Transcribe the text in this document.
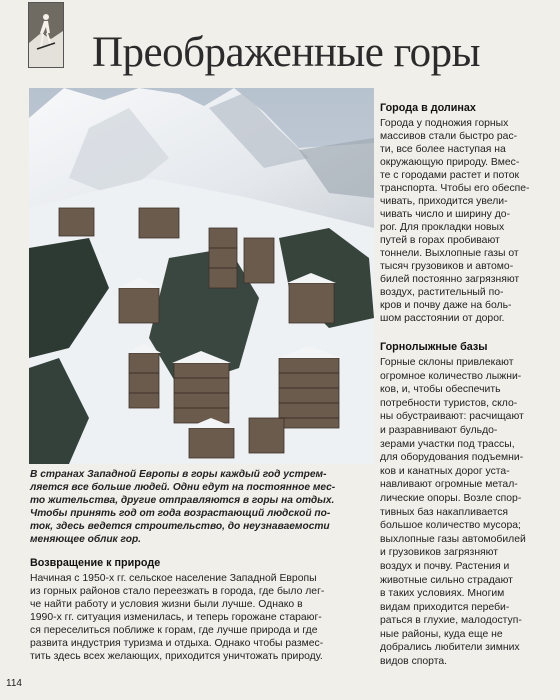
Преображенные горы
В странах Западной Европы в горы каждый год устрем-
ляется все больше людей. Одни едут на постоянное мес-
то жительства, другие отправляются в горы на отдых.
Чтобы принять год от года возрастающий людской по-
ток, здесь ведется строительство, до неузнаваемости
меняющее облик гор.
Возвращение к природе
Начиная с 1950-х гг. сельское население Западной Европы
из горных районов стало переезжать в города, где было лег-
че найти работу и условия жизни были лучше. Однако в
1990-х гг. ситуация изменилась, и теперь горожане стараюг-
ся переселиться поближе к горам, где лучше природа и где
развита индустрия туризма и отдыха. Однако чтобы размес-
тить здесь всех желающих, приходится уничтожать природу.
Города в долинах
Города у подножия горных
массивов стали быстро рас-
ти, все более наступая на
окружающую природу. Вмес-
те с городами растет и поток
транспорта. Чтобы его обеспе-
чивать, приходится увели-
чивать число и ширину до-
рог. Для прокладки новых
путей в горах пробивают
тоннели. Выхлопные газы от
тысяч грузовиков и автомо-
билей постоянно загрязняют
воздух, растительный по-
кров и почву даже на боль-
шом расстоянии от дорог.
Горнолыжные базы
Горные склоны привлекают
огромное количество лыжни-
ков, и, чтобы обеспечить
потребности туристов, скло-
ны обустраивают: расчищают
и разравнивают бульдо-
зерами участки под трассы,
для оборудования подъемни-
ков и канатных дорог уста-
навливают огромные метал-
лические опоры. Возле спор-
тивных баз накапливается
большое количество мусора;
выхлопные газы автомобилей
и грузовиков загрязняют
воздух и почву. Растения и
животные сильно страдают
в таких условиях. Многим
видам приходится переби-
раться в глухие, малодоступ-
ные районы, куда еще не
добрались любители зимних
видов спорта.
114
